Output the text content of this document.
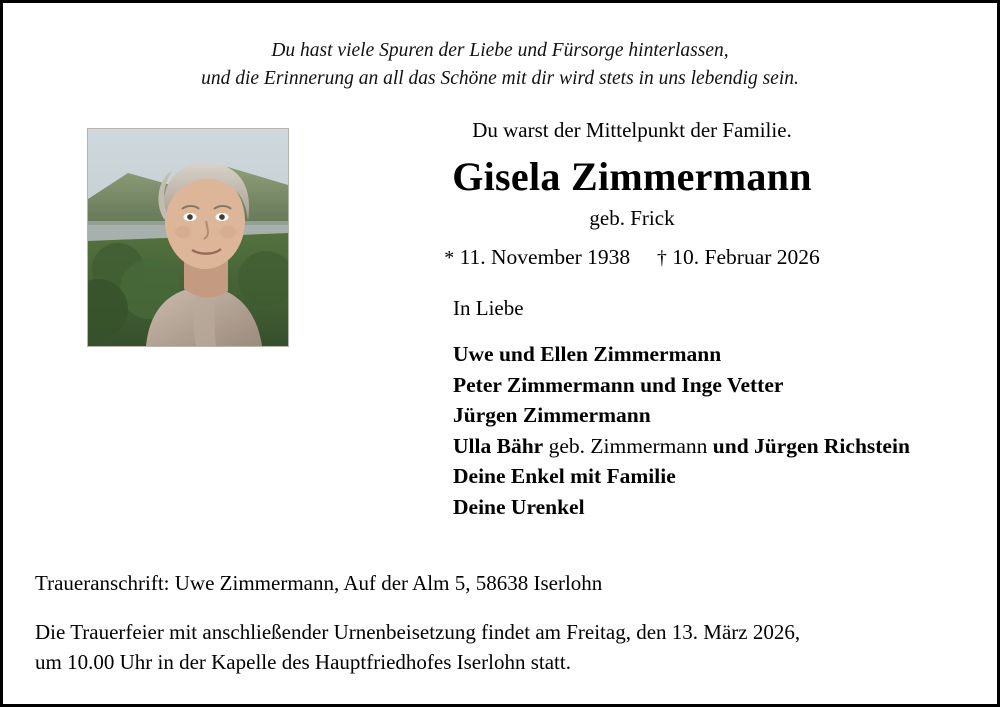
Du hast viele Spuren der Liebe und Fürsorge hinterlassen,
und die Erinnerung an all das Schöne mit dir wird stets in uns lebendig sein.
Du warst der Mittelpunkt der Familie.
Gisela Zimmermann
geb. Frick
* 11. November 1938 † 10. Februar 2026
In Liebe
Uwe und Ellen Zimmermann
Peter Zimmermann und Inge Vetter
Jürgen Zimmermann
Ulla Bähr geb. Zimmermann und Jürgen Richstein
Deine Enkel mit Familie
Deine Urenkel
Traueranschrift: Uwe Zimmermann, Auf der Alm 5, 58638 Iserlohn
Die Trauerfeier mit anschließender Urnenbeisetzung findet am Freitag, den 13. März 2026,
um 10.00 Uhr in der Kapelle des Hauptfriedhofes Iserlohn statt.
